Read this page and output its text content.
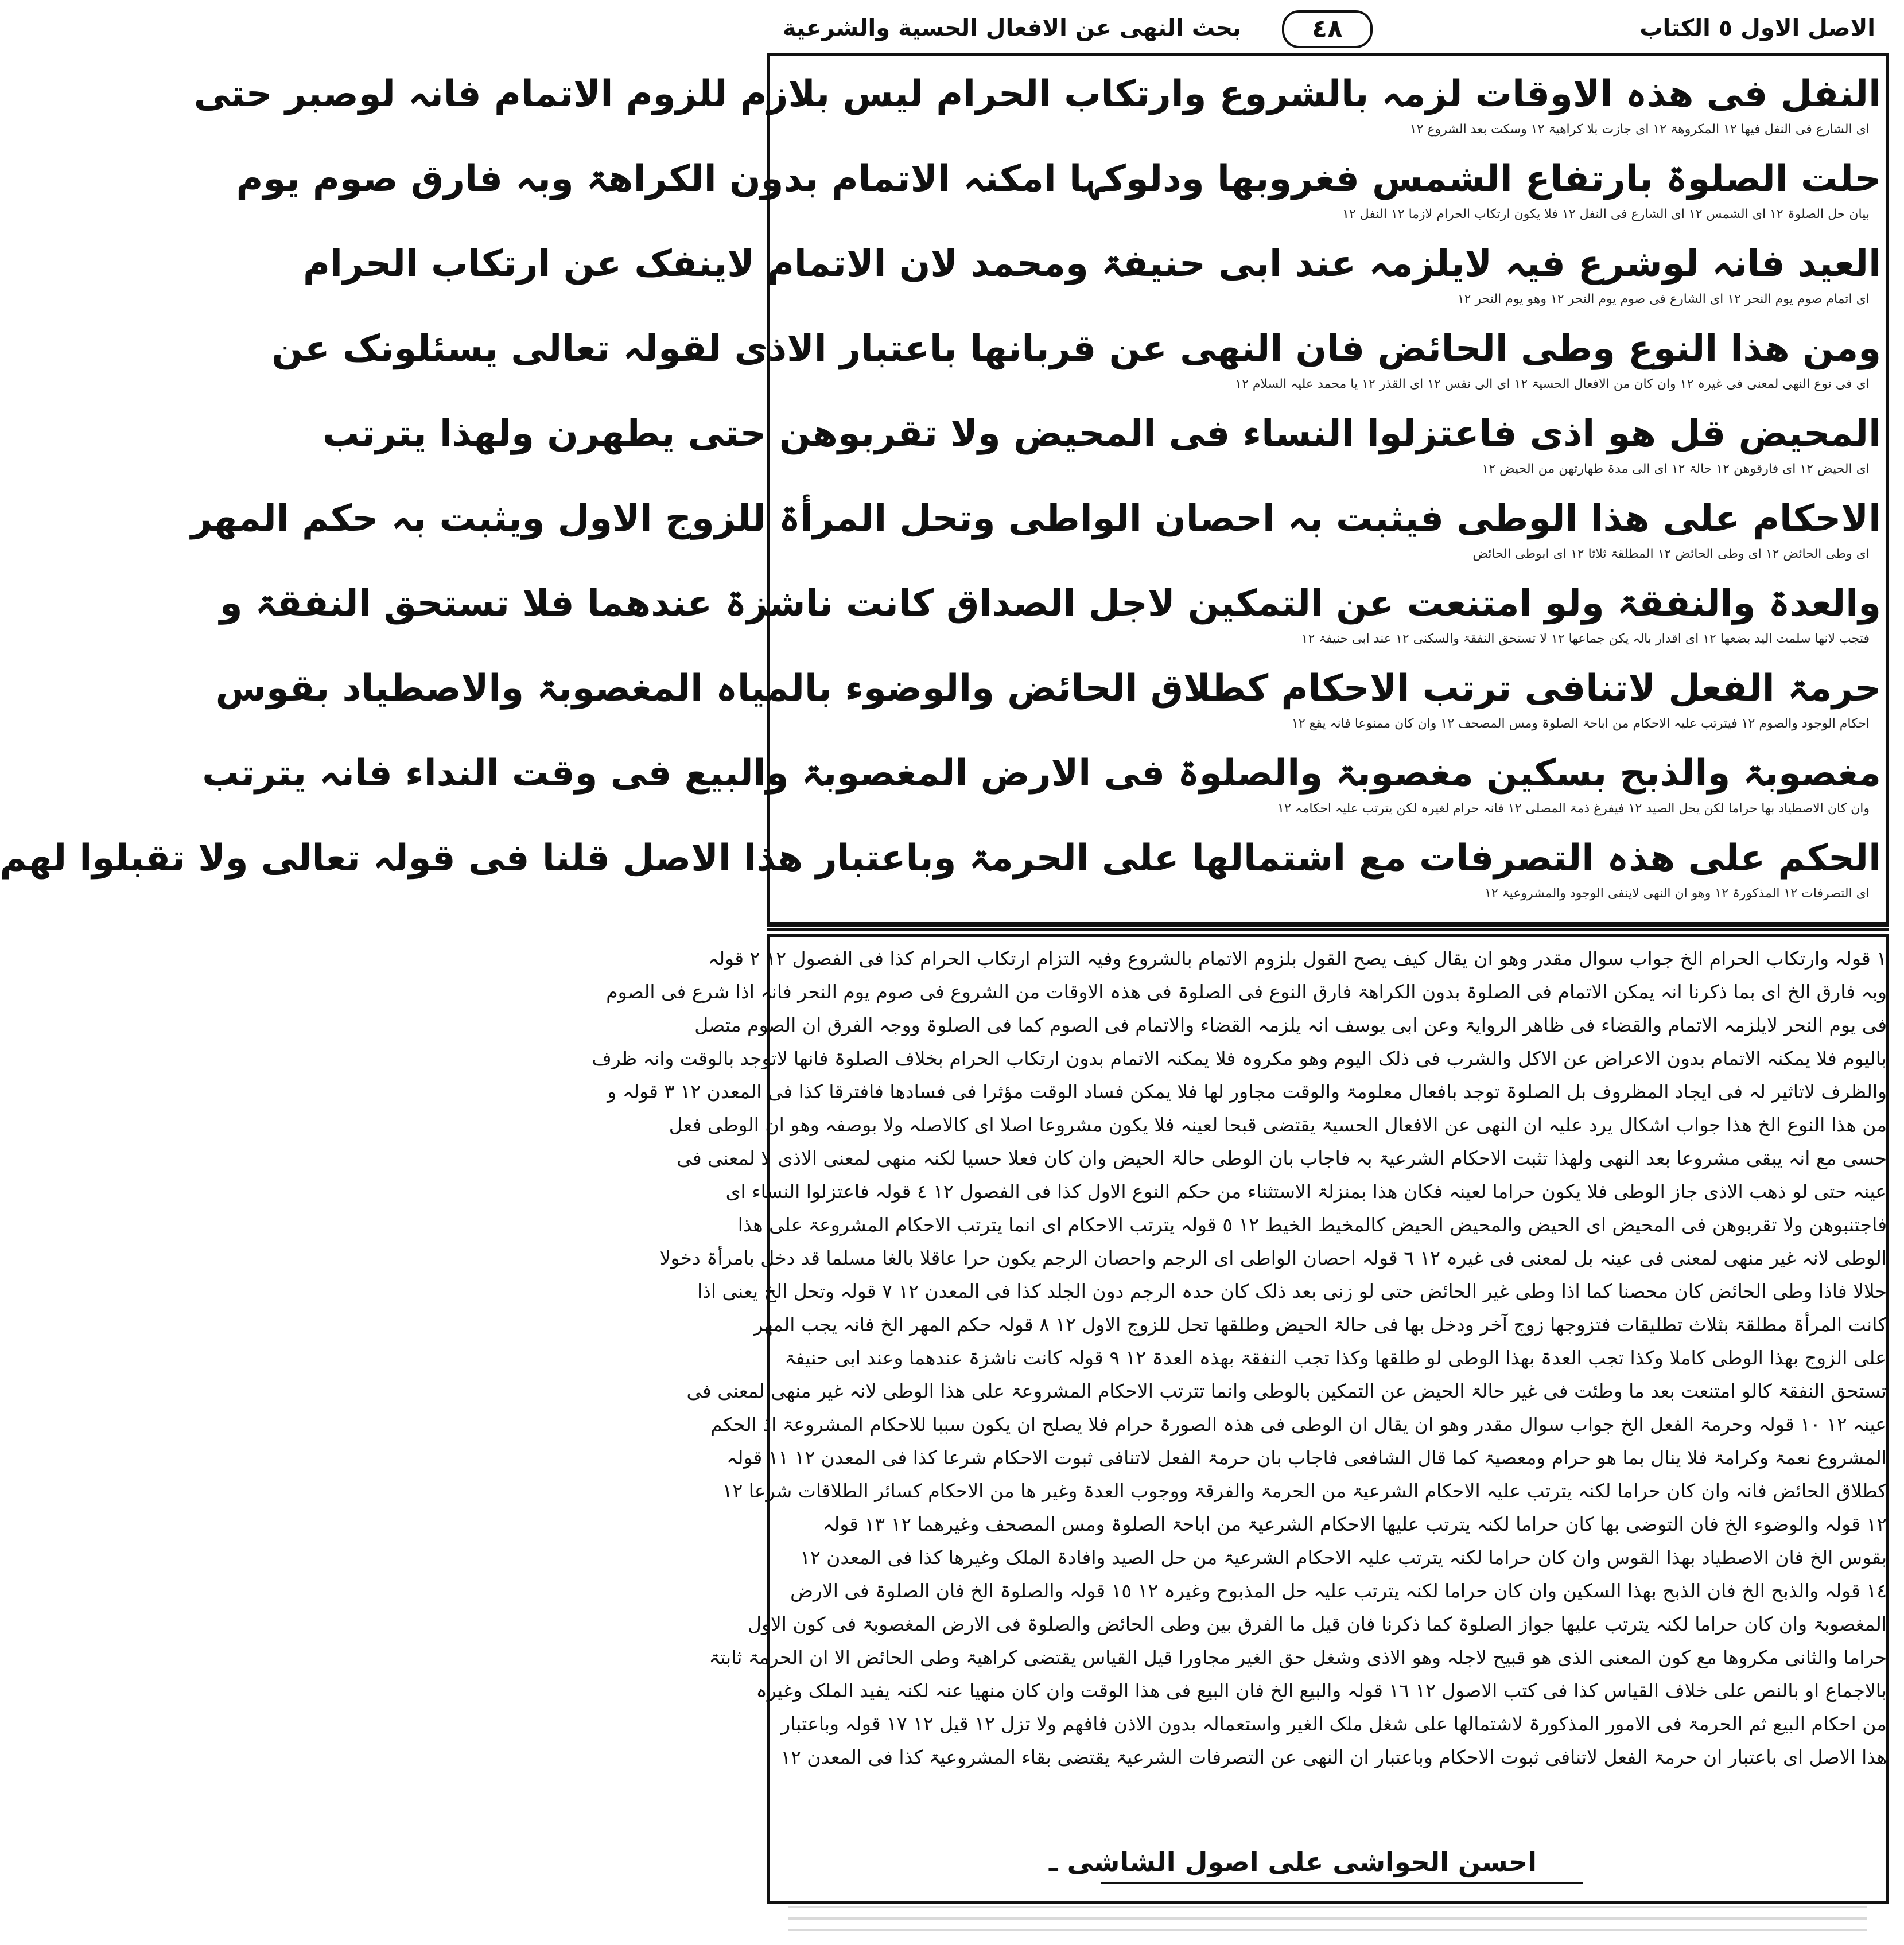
الاصل الاول ٥ الكتاب
٤٨
بحث النهى عن الافعال الحسية والشرعية
النفل فی هذہ الاوقات لزمہ بالشروع وارتکاب الحرام لیس بلازم للزوم الاتمام فانہ لوصبر حتی
ای الشارع فی النفل فیھا ١٢ المکروھۃ ١٢ ای جازت بلا کراھیۃ ١٢ وسکت بعد الشروع ١٢
حلت الصلوۃ بارتفاع الشمس فغروبھا ودلوکہا امکنہ الاتمام بدون الکراھۃ وبہ فارق صوم یوم
بیان حل الصلوۃ ١٢ ای الشمس ١٢ ای الشارع فی النفل ١٢ فلا یکون ارتکاب الحرام لازما ١٢ النفل ١٢
العید فانہ لوشرع فیہ لایلزمہ عند ابی حنیفۃ ومحمد لان الاتمام لاینفک عن ارتکاب الحرام
ای اتمام صوم یوم النحر ١٢ ای الشارع فی صوم یوم النحر ١٢ وھو یوم النحر ١٢
ومن ھذا النوع وطی الحائض فان النھی عن قربانھا باعتبار الاذی لقولہ تعالی یسئلونک عن
ای فی نوع النھی لمعنی فی غیرہ ١٢ وان کان من الافعال الحسیۃ ١٢ ای الی نفس ١٢ ای القذر ١٢ یا محمد علیہ السلام ١٢
المحیض قل ھو اذی فاعتزلوا النساء فی المحیض ولا تقربوھن حتی یطھرن ولھذا یترتب
ای الحیض ١٢ ای فارقوھن ١٢ حالۃ ١٢ ای الی مدۃ طھارتھن من الحیض ١٢
الاحکام علی ھذا الوطی فیثبت بہ احصان الواطی وتحل المرأۃ للزوج الاول ویثبت بہ حکم المھر
ای وطی الحائض ١٢ ای وطی الحائض ١٢ المطلقۃ ثلاثا ١٢ ای ابوطی الحائض
والعدۃ والنفقۃ ولو امتنعت عن التمکین لاجل الصداق کانت ناشزۃ عندھما فلا تستحق النفقۃ و
فتجب لانھا سلمت الید بضعھا ١٢ ای اقدار بالہ یکن جماعھا ١٢ لا تستحق النفقۃ والسکنی ١٢ عند ابی حنیفۃ ١٢
حرمۃ الفعل لاتنافی ترتب الاحکام کطلاق الحائض والوضوء بالمیاہ المغصوبۃ والاصطیاد بقوس
احکام الوجود والصوم ١٢ فیترتب علیہ الاحکام من اباحۃ الصلوۃ ومس المصحف ١٢ وان کان ممنوعا فانہ یقع ١٢
مغصوبۃ والذبح بسکین مغصوبۃ والصلوۃ فی الارض المغصوبۃ والبیع فی وقت النداء فانہ یترتب
وان کان الاصطیاد بھا حراما لکن یحل الصید ١٢ فیفرغ ذمۃ المصلی ١٢ فانہ حرام لغیرہ لکن یترتب علیہ احکامہ ١٢
الحکم علی ھذہ التصرفات مع اشتمالھا علی الحرمۃ وباعتبار ھذا الاصل قلنا فی قولہ تعالی ولا تقبلوا لھم
ای التصرفات ١٢ المذکورۃ ١٢ وھو ان النھی لاینفی الوجود والمشروعیۃ ١٢
١ قولہ وارتکاب الحرام الخ جواب سوال مقدر وھو ان یقال کیف یصح القول بلزوم الاتمام بالشروع وفیہ التزام ارتکاب الحرام کذا فی الفصول ١٢ ٢ قولہ
وبہ فارق الخ ای بما ذکرنا انہ یمکن الاتمام فی الصلوۃ بدون الکراھۃ فارق النوع فی الصلوۃ فی ھذہ الاوقات من الشروع فی صوم یوم النحر فانہ اذا شرع فی الصوم
فی یوم النحر لایلزمہ الاتمام والقضاء فی ظاھر الروایۃ وعن ابی یوسف انہ یلزمہ القضاء والاتمام فی الصوم کما فی الصلوۃ ووجہ الفرق ان الصوم متصل
بالیوم فلا یمکنہ الاتمام بدون الاعراض عن الاکل والشرب فی ذلک الیوم وھو مکروہ فلا یمکنہ الاتمام بدون ارتکاب الحرام بخلاف الصلوۃ فانھا لاتوجد بالوقت وانہ ظرف
والظرف لاتاثیر لہ فی ایجاد المظروف بل الصلوۃ توجد بافعال معلومۃ والوقت مجاور لھا فلا یمکن فساد الوقت مؤثرا فی فسادھا فافترقا کذا فی المعدن ١٢ ٣ قولہ و
من ھذا النوع الخ ھذا جواب اشکال یرد علیہ ان النھی عن الافعال الحسیۃ یقتضی قبحا لعینہ فلا یکون مشروعا اصلا ای کالاصلہ ولا بوصفہ وھو ان الوطی فعل
حسی مع انہ یبقی مشروعا بعد النھی ولھذا تثبت الاحکام الشرعیۃ بہ فاجاب بان الوطی حالۃ الحیض وان کان فعلا حسیا لکنہ منھی لمعنی الاذی لا لمعنی فی
عینہ حتی لو ذھب الاذی جاز الوطی فلا یکون حراما لعینہ فکان ھذا بمنزلۃ الاستثناء من حکم النوع الاول کذا فی الفصول ١٢ ٤ قولہ فاعتزلوا النساء ای
فاجتنبوھن ولا تقربوھن فی المحیض ای الحیض والمحیض الحیض کالمخیط الخیط ١٢ ٥ قولہ یترتب الاحکام ای انما یترتب الاحکام المشروعۃ علی ھذا
الوطی لانہ غیر منھی لمعنی فی عینہ بل لمعنی فی غیرہ ١٢ ٦ قولہ احصان الواطی ای الرجم واحصان الرجم یکون حرا عاقلا بالغا مسلما قد دخل بامرأۃ دخولا
حلالا فاذا وطی الحائض کان محصنا کما اذا وطی غیر الحائض حتی لو زنی بعد ذلک کان حدہ الرجم دون الجلد کذا فی المعدن ١٢ ٧ قولہ وتحل الخ یعنی اذا
کانت المرأۃ مطلقۃ بثلاث تطلیقات فتزوجھا زوج آخر ودخل بھا فی حالۃ الحیض وطلقھا تحل للزوج الاول ١٢ ٨ قولہ حکم المھر الخ فانہ یجب المھر
علی الزوج بھذا الوطی کاملا وکذا تجب العدۃ بھذا الوطی لو طلقھا وکذا تجب النفقۃ بھذہ العدۃ ١٢ ٩ قولہ کانت ناشزۃ عندھما وعند ابی حنیفۃ
تستحق النفقۃ کالو امتنعت بعد ما وطئت فی غیر حالۃ الحیض عن التمکین بالوطی وانما تترتب الاحکام المشروعۃ علی ھذا الوطی لانہ غیر منھی لمعنی فی
عینہ ١٢ ١٠ قولہ وحرمۃ الفعل الخ جواب سوال مقدر وھو ان یقال ان الوطی فی ھذہ الصورۃ حرام فلا یصلح ان یکون سببا للاحکام المشروعۃ اذ الحکم
المشروع نعمۃ وکرامۃ فلا ینال بما ھو حرام ومعصیۃ کما قال الشافعی فاجاب بان حرمۃ الفعل لاتنافی ثبوت الاحکام شرعا کذا فی المعدن ١٢ ١١ قولہ
کطلاق الحائض فانہ وان کان حراما لکنہ یترتب علیہ الاحکام الشرعیۃ من الحرمۃ والفرقۃ ووجوب العدۃ وغیر ھا من الاحکام کسائر الطلاقات شرعا ١٢
١٢ قولہ والوضوء الخ فان التوضی بھا کان حراما لکنہ یترتب علیھا الاحکام الشرعیۃ من اباحۃ الصلوۃ ومس المصحف وغیرھما ١٢ ١٣ قولہ
بقوس الخ فان الاصطیاد بھذا القوس وان کان حراما لکنہ یترتب علیہ الاحکام الشرعیۃ من حل الصید وافادۃ الملک وغیرھا کذا فی المعدن ١٢
١٤ قولہ والذبح الخ فان الذبح بھذا السکین وان کان حراما لکنہ یترتب علیہ حل المذبوح وغیرہ ١٢ ١٥ قولہ والصلوۃ الخ فان الصلوۃ فی الارض
المغصوبۃ وان کان حراما لکنہ یترتب علیھا جواز الصلوۃ کما ذکرنا فان قیل ما الفرق بین وطی الحائض والصلوۃ فی الارض المغصوبۃ فی کون الاول
حراما والثانی مکروھا مع کون المعنی الذی ھو قبیح لاجلہ وھو الاذی وشغل حق الغیر مجاورا قیل القیاس یقتضی کراھیۃ وطی الحائض الا ان الحرمۃ ثابتۃ
بالاجماع او بالنص علی خلاف القیاس کذا فی کتب الاصول ١٢ ١٦ قولہ والبیع الخ فان البیع فی ھذا الوقت وان کان منھیا عنہ لکنہ یفید الملک وغیرہ
من احکام البیع ثم الحرمۃ فی الامور المذکورۃ لاشتمالھا علی شغل ملک الغیر واستعمالہ بدون الاذن فافھم ولا تزل ١٢ قیل ١٢ ١٧ قولہ وباعتبار
ھذا الاصل ای باعتبار ان حرمۃ الفعل لاتنافی ثبوت الاحکام وباعتبار ان النھی عن التصرفات الشرعیۃ یقتضی بقاء المشروعیۃ کذا فی المعدن ١٢
احسن الحواشی علی اصول الشاشی ـ
